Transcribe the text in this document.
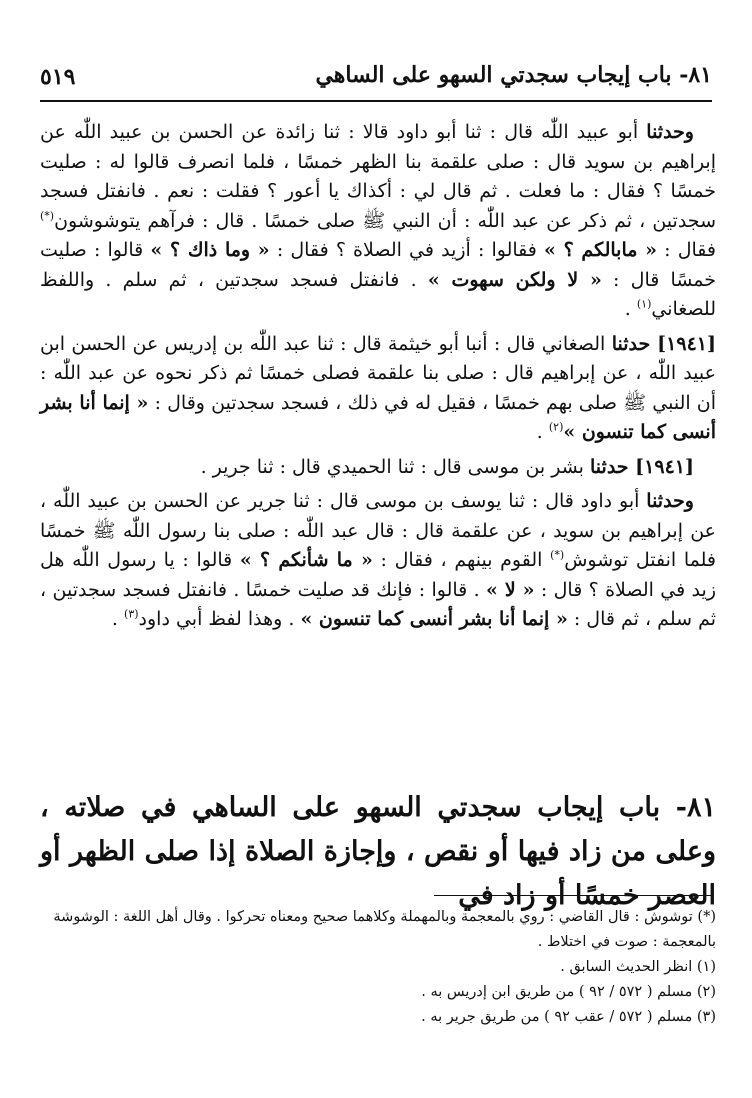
٥١٩	٨١- باب إيجاب سجدتي السهو على الساهي

وحدثنا أبو عبيد اللّٰه قال : ثنا أبو داود قالا : ثنا زائدة عن الحسن بن عبيد اللّٰه عن إبراهيم بن سويد قال : صلى علقمة بنا الظهر خمسًا ، فلما انصرف قالوا له : صليت خمسًا ؟ فقال : ما فعلت . ثم قال لي : أكذاك يا أعور ؟ فقلت : نعم . فانفتل فسجد سجدتين ، ثم ذكر عن عبد اللّٰه : أن النبي ﷺ صلى خمسًا . قال : فرآهم يتوشوشون(*) فقال : « مابالكم ؟ » فقالوا : أزيد في الصلاة ؟ فقال : « وما ذاك ؟ » قالوا : صليت خمسًا قال : « لا ولكن سهوت » . فانفتل فسجد سجدتين ، ثم سلم . واللفظ للصغاني$^{(١)}$ .

[١٩٤١] حدثنا الصغاني قال : أنبا أبو خيثمة قال : ثنا عبد اللّٰه بن إدريس عن الحسن ابن عبيد اللّٰه ، عن إبراهيم قال : صلى بنا علقمة فصلى خمسًا ثم ذكر نحوه عن عبد اللّٰه : أن النبي ﷺ صلى بهم خمسًا ، فقيل له في ذلك ، فسجد سجدتين وقال : « إنما أنا بشر أنسى كما تنسون »$^{(٢)}$ .

[١٩٤١] حدثنا بشر بن موسى قال : ثنا الحميدي قال : ثنا جرير .

وحدثنا أبو داود قال : ثنا يوسف بن موسى قال : ثنا جرير عن الحسن بن عبيد اللّٰه ، عن إبراهيم بن سويد ، عن علقمة قال : قال عبد اللّٰه : صلى بنا رسول اللّٰه ﷺ خمسًا فلما انفتل توشوش(*) القوم بينهم ، فقال : « ما شأنكم ؟ » قالوا : يا رسول اللّٰه هل زيد في الصلاة ؟ قال : « لا » . قالوا : فإنك قد صليت خمسًا . فانفتل فسجد سجدتين ، ثم سلم ، ثم قال : « إنما أنا بشر أنسى كما تنسون » . وهذا لفظ أبي داود$^{(٣)}$ .

٨١- باب إيجاب سجدتي السهو على الساهي في صلاته ، وعلى من زاد فيها أو نقص ، وإجازة الصلاة إذا صلى الظهر أو العصر خمسًا أو زاد في

(*) توشوش : قال القاضي : روي بالمعجمة وبالمهملة وكلاهما صحيح ومعناه تحركوا . وقال أهل اللغة : الوشوشة بالمعجمة : صوت في اختلاط .

(١) انظر الحديث السابق .

(٢) مسلم ( ٥٧٢ / ٩٢ ) من طريق ابن إدريس به .

(٣) مسلم ( ٥٧٢ / عقب ٩٢ ) من طريق جرير به .
